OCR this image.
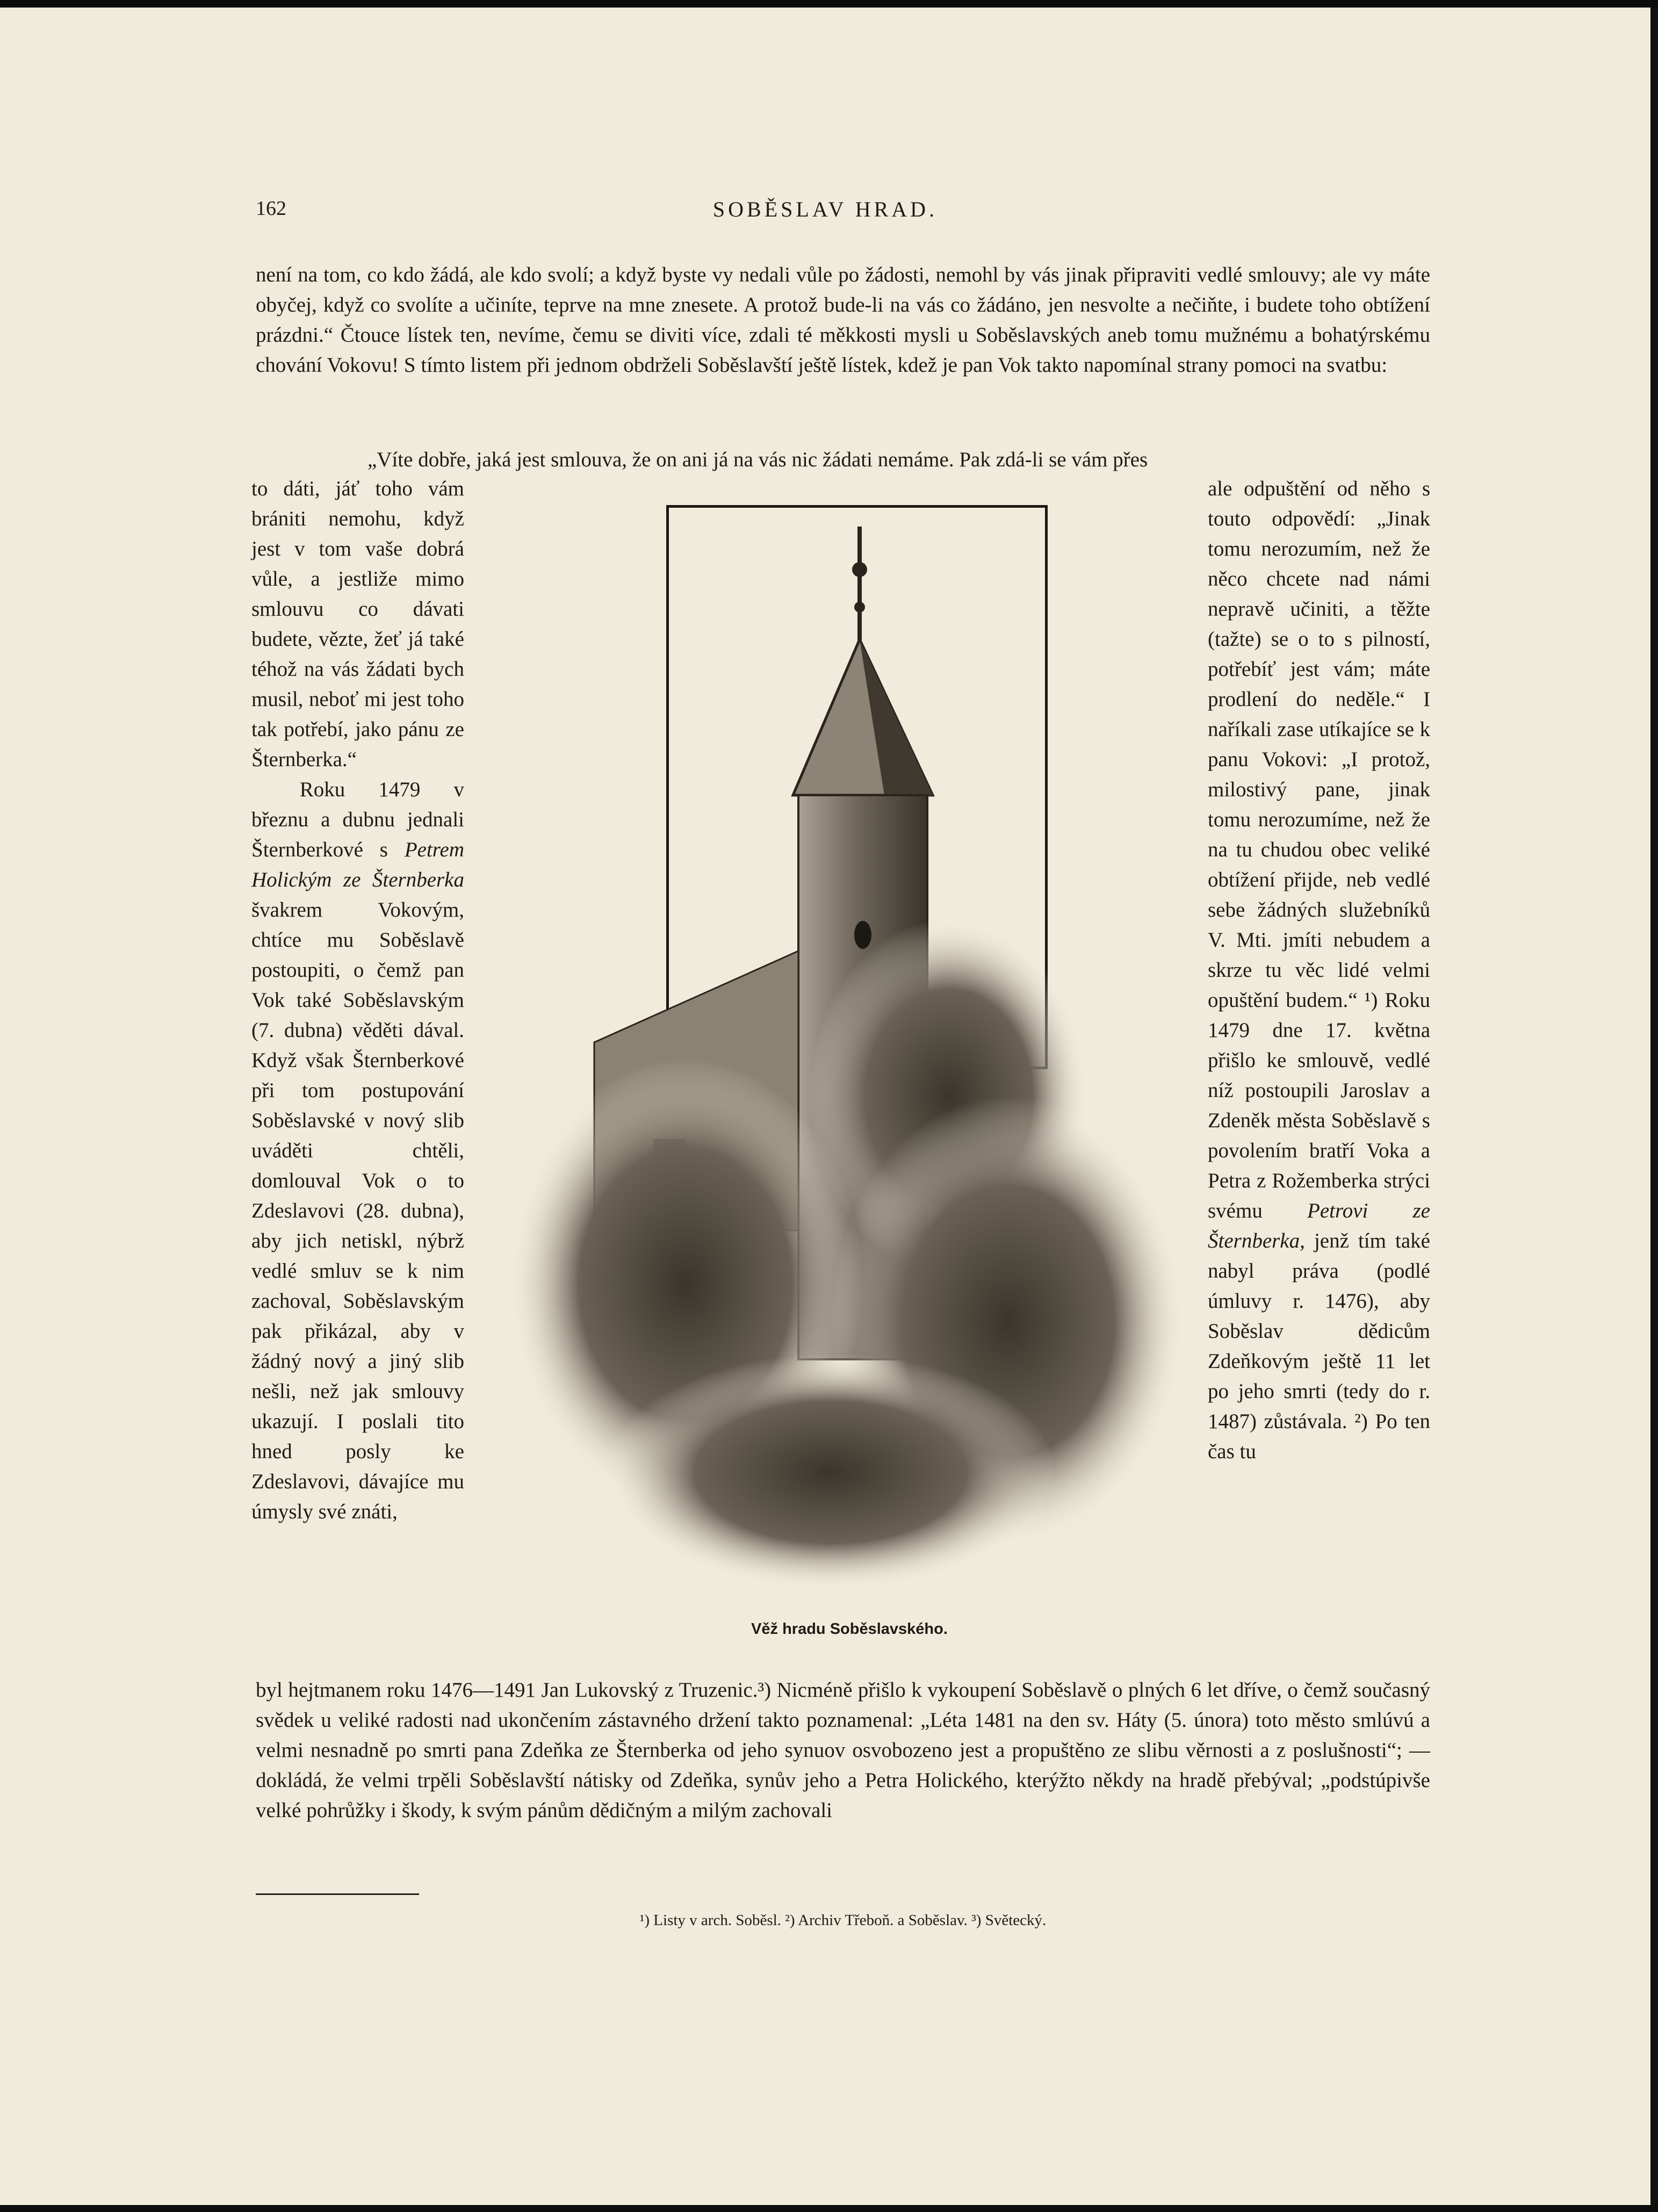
162	SOBĚSLAV HRAD.

není na tom, co kdo žádá, ale kdo svolí; a když byste vy nedali vůle po žádosti, nemohl by vás jinak připraviti vedlé smlouvy; ale vy máte obyčej, když co svolíte a učiníte, teprve na mne znesete. A protož bude-li na vás co žádáno, jen nesvolte a nečiňte, i budete toho obtížení prázdni.“ Čtouce lístek ten, nevíme, čemu se diviti více, zdali té měkkosti mysli u Soběslavských aneb tomu mužnému a bohatýrskému chování Vokovu! S tímto listem při jednom obdrželi Soběslavští ještě lístek, kdež je pan Vok takto napomínal strany pomoci na svatbu:

„Víte dobře, jaká jest smlouva, že on ani já na vás nic žádati nemáme. Pak zdá-li se vám přes

to dáti, jáť toho vám brániti nemohu, když jest v tom vaše dobrá vůle, a jestliže mimo smlouvu co dávati budete, vězte, žeť já také téhož na vás žádati bych musil, neboť mi jest toho tak potřebí, jako pánu ze Šternberka.“

Roku 1479 v březnu a dubnu jednali Šternberkové s Petrem Holickým ze Šternberka švakrem Vokovým, chtíce mu Soběslavě postoupiti, o čemž pan Vok také Soběslavským (7. dubna) věděti dával. Když však Šternberkové při tom postupování Soběslavské v nový slib uváděti chtěli, domlouval Vok o to Zdeslavovi (28. dubna), aby jich netiskl, nýbrž vedlé smluv se k nim zachoval, Soběslavským pak přikázal, aby v žádný nový a jiný slib nešli, než jak smlouvy ukazují. I poslali tito hned posly ke Zdeslavovi, dávajíce mu úmysly své znáti,

Věž hradu Soběslavského.

ale odpuštění od něho s touto odpovědí: „Jinak tomu nerozumím, než že něco chcete nad námi nepravě učiniti, a těžte (tažte) se o to s pilností, potřebíť jest vám; máte prodlení do neděle.“ I naříkali zase utíkajíce se k panu Vokovi: „I protož, milostivý pane, jinak tomu nerozumíme, než že na tu chudou obec veliké obtížení přijde, neb vedlé sebe žádných služebníků V. Mti. jmíti nebudem a skrze tu věc lidé velmi opuštění budem.“ ¹) Roku 1479 dne 17. května přišlo ke smlouvě, vedlé níž postoupili Jaroslav a Zdeněk města Soběslavě s povolením bratří Voka a Petra z Rožemberka strýci svému Petrovi ze Šternberka, jenž tím také nabyl práva (podlé úmluvy r. 1476), aby Soběslav dědicům Zdeňkovým ještě 11 let po jeho smrti (tedy do r. 1487) zůstávala. ²) Po ten čas tu

byl hejtmanem roku 1476—1491 Jan Lukovský z Truzenic.³) Nicméně přišlo k vykoupení Soběslavě o plných 6 let dříve, o čemž současný svědek u veliké radosti nad ukončením zástavného držení takto poznamenal: „Léta 1481 na den sv. Háty (5. února) toto město smlúvú a velmi nesnadně po smrti pana Zdeňka ze Šternberka od jeho synuov osvobozeno jest a propuštěno ze slibu věrnosti a z poslušnosti“; — dokládá, že velmi trpěli Soběslavští nátisky od Zdeňka, synův jeho a Petra Holického, kterýžto někdy na hradě přebýval; „podstúpivše velké pohrůžky i škody, k svým pánům dědičným a milým zachovali

¹) Listy v arch. Soběsl. ²) Archiv Třeboň. a Soběslav. ³) Světecký.
